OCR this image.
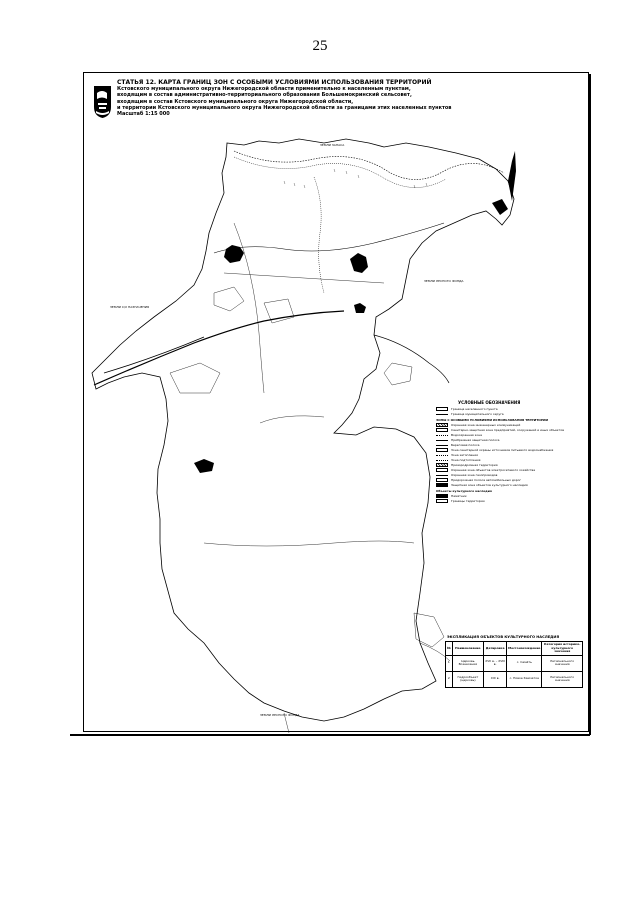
25
СТАТЬЯ 12. КАРТА ГРАНИЦ ЗОН С ОСОБЫМИ УСЛОВИЯМИ ИСПОЛЬЗОВАНИЯ ТЕРРИТОРИЙ
Кстовского муниципального округа Нижегородской области применительно к населенным пунктам,
входящим в состав административно-территориального образования Большемокринский сельсовет,
входящим в состав Кстовского муниципального округа Нижегородской области,
и территории Кстовского муниципального округа Нижегородской области за границами этих населенных пунктов
Масштаб 1:15 000
ЗЕМЛИ ЗАПАСА
ЗЕМЛИ ЛЕСНОГО ФОНДА
ЗЕМЛИ С/Х НАЗНАЧЕНИЯ
ЗЕМЛИ ЛЕСНОГО ФОНДА
УСЛОВНЫЕ ОБОЗНАЧЕНИЯ
Граница населенного пункта
Граница муниципального округа
ЗОНЫ С ОСОБЫМИ УСЛОВИЯМИ ИСПОЛЬЗОВАНИЯ ТЕРРИТОРИИ
Охранная зона инженерных коммуникаций
Санитарно-защитная зона предприятий, сооружений и иных объектов
Водоохранная зона
Прибрежная защитная полоса
Береговая полоса
Зона санитарной охраны источников питьевого водоснабжения
Зона затопления
Зона подтопления
Приаэродромная территория
Охранная зона объектов электросетевого хозяйства
Охранная зона газопроводов
Придорожная полоса автомобильных дорог
Защитная зона объектов культурного наследия
Объекты культурного наследия
Памятник
Границы территории
ЭКСПЛИКАЦИЯ ОБЪЕКТОВ КУЛЬТУРНОГО НАСЛЕДИЯ
№	Наименование	Датировка	Местонахождение	Категория историко-культурного значения
1	Церковь Вознесения	XVII в. – XVIII в.	с. Семёть	Регионального значения
2	Гидрообъект (церковь)	XIX в.	с. Новое Камчатое	Регионального значения
